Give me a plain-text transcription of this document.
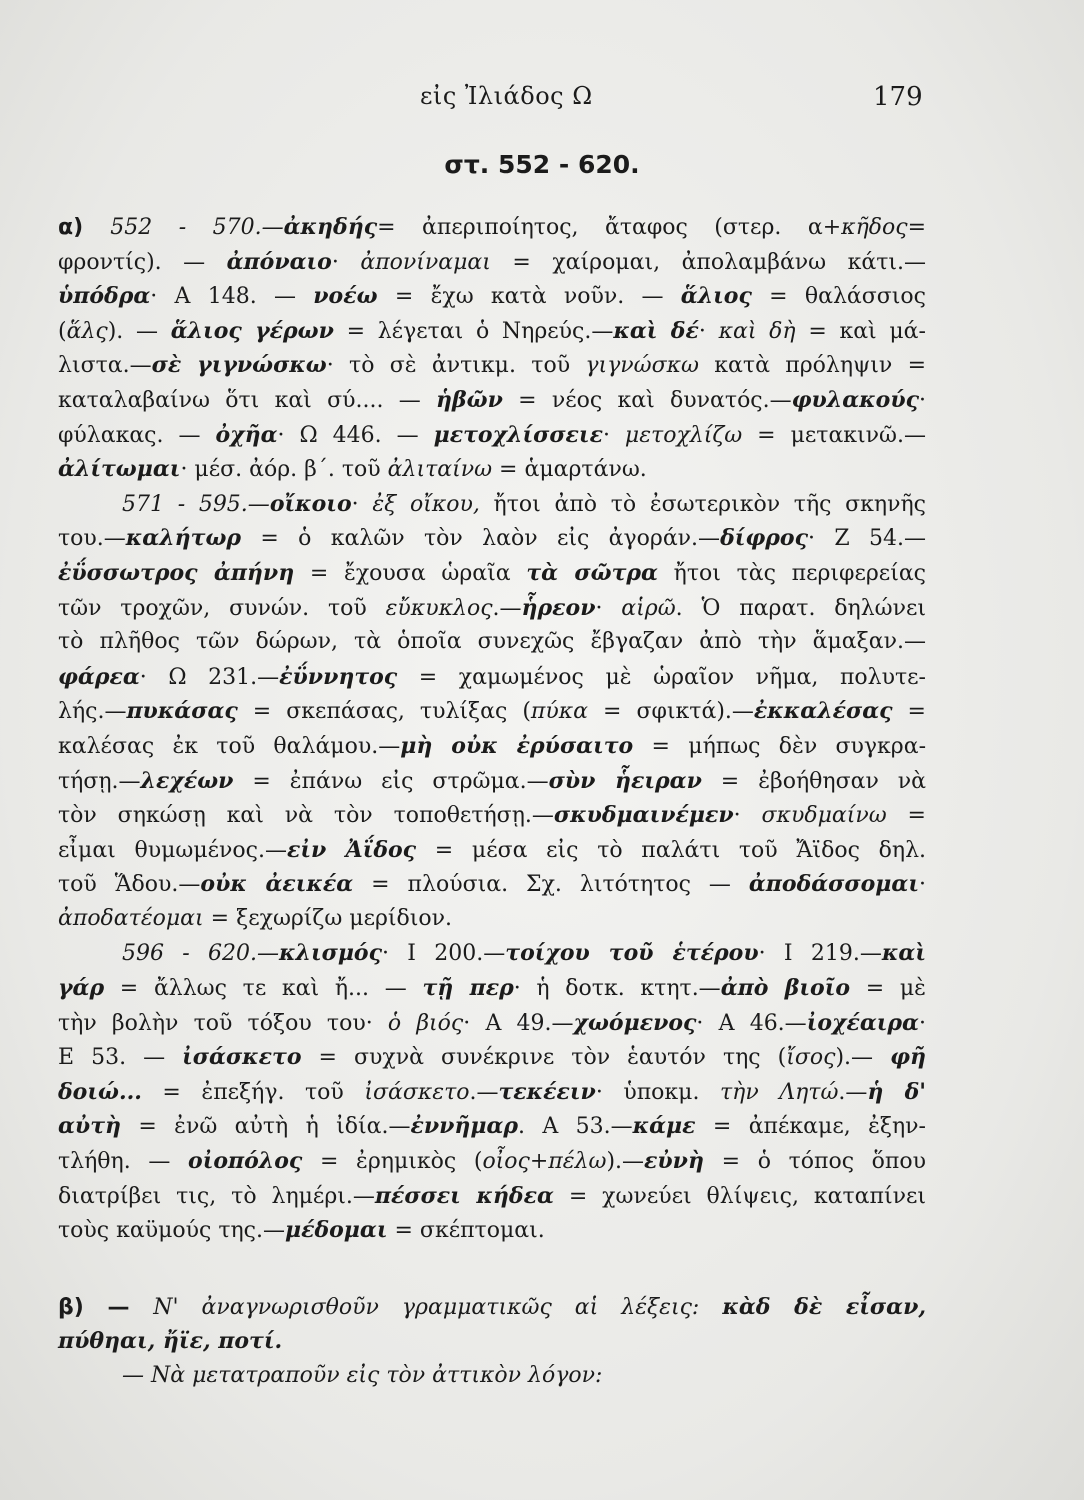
εἰς Ἰλιάδος Ω	179
στ. 552 - 620.
α) 552 - 570.—ἀκηδής= ἀπεριποίητος, ἄταφος (στερ. α+κῆδος=
φροντίς). — ἀπόναιο· ἀπονίναμαι = χαίρομαι, ἀπολαμβάνω κάτι.—
ὑπόδρα· Α 148. — νοέω = ἔχω κατὰ νοῦν. — ἅλιος = θαλάσσιος
(ἅλς). — ἅλιος γέρων = λέγεται ὁ Νηρεύς.—καὶ δέ· καὶ δὴ = καὶ μά-
λιστα.—σὲ γιγνώσκω· τὸ σὲ ἀντικμ. τοῦ γιγνώσκω κατὰ πρόληψιν =
καταλαβαίνω ὅτι καὶ σύ.... — ἡβῶν = νέος καὶ δυνατός.—φυλακούς·
φύλακας. — ὀχῆα· Ω 446. — μετοχλίσσειε· μετοχλίζω = μετακινῶ.—
ἀλίτωμαι· μέσ. ἀόρ. β΄. τοῦ ἀλιταίνω = ἁμαρτάνω.
571 - 595.—οἴκοιο· ἐξ οἴκου, ἤτοι ἀπὸ τὸ ἐσωτερικὸν τῆς σκηνῆς
του.—καλήτωρ = ὁ καλῶν τὸν λαὸν εἰς ἀγοράν.—δίφρος· Ζ 54.—
ἐΰσσωτρος ἀπήνη = ἔχουσα ὡραῖα τὰ σῶτρα ἤτοι τὰς περιφερείας
τῶν τροχῶν, συνών. τοῦ εὔκυκλος.—ἧρεον· αἱρῶ. Ὁ παρατ. δηλώνει
τὸ πλῆθος τῶν δώρων, τὰ ὁποῖα συνεχῶς ἔβγαζαν ἀπὸ τὴν ἅμαξαν.—
φάρεα· Ω 231.—ἐΰννητος = χαμωμένος μὲ ὡραῖον νῆμα, πολυτε-
λής.—πυκάσας = σκεπάσας, τυλίξας (πύκα = σφικτά).—ἐκκαλέσας =
καλέσας ἐκ τοῦ θαλάμου.—μὴ οὐκ ἐρύσαιτο = μήπως δὲν συγκρα-
τήσῃ.—λεχέων = ἐπάνω εἰς στρῶμα.—σὺν ἧειραν = ἐβοήθησαν νὰ
τὸν σηκώσῃ καὶ νὰ τὸν τοποθετήσῃ.—σκυδμαινέμεν· σκυδμαίνω =
εἶμαι θυμωμένος.—εἰν Ἀΐδος = μέσα εἰς τὸ παλάτι τοῦ Ἄϊδος δηλ.
τοῦ Ἅδου.—οὐκ ἀεικέα = πλούσια. Σχ. λιτότητος — ἀποδάσσομαι·
ἀποδατέομαι = ξεχωρίζω μερίδιον.
596 - 620.—κλισμός· Ι 200.—τοίχου τοῦ ἑτέρου· Ι 219.—καὶ
γάρ = ἄλλως τε καὶ ἤ... — τῇ περ· ἡ δοτκ. κτητ.—ἀπὸ βιοῖο = μὲ
τὴν βολὴν τοῦ τόξου του· ὁ βιός· Α 49.—χωόμενος· Α 46.—ἰοχέαιρα·
Ε 53. — ἰσάσκετο = συχνὰ συνέκρινε τὸν ἑαυτόν της (ἴσος).— φῆ
δοιώ... = ἐπεξήγ. τοῦ ἰσάσκετο.—τεκέειν· ὑποκμ. τὴν Λητώ.—ἡ δ'
αὐτὴ = ἐνῶ αὐτὴ ἡ ἰδία.—ἐννῆμαρ. Α 53.—κάμε = ἀπέκαμε, ἐξην-
τλήθη. — οἰοπόλος = ἐρημικὸς (οἶος+πέλω).—εὐνὴ = ὁ τόπος ὅπου
διατρίβει τις, τὸ λημέρι.—πέσσει κήδεα = χωνεύει θλίψεις, καταπίνει
τοὺς καϋμούς της.—μέδομαι = σκέπτομαι.
β) — Ν' ἀναγνωρισθοῦν γραμματικῶς αἱ λέξεις: κὰδ δὲ εἶσαν,
πύθηαι, ἤϊε, ποτί.
— Νὰ μετατραποῦν εἰς τὸν ἀττικὸν λόγον:
